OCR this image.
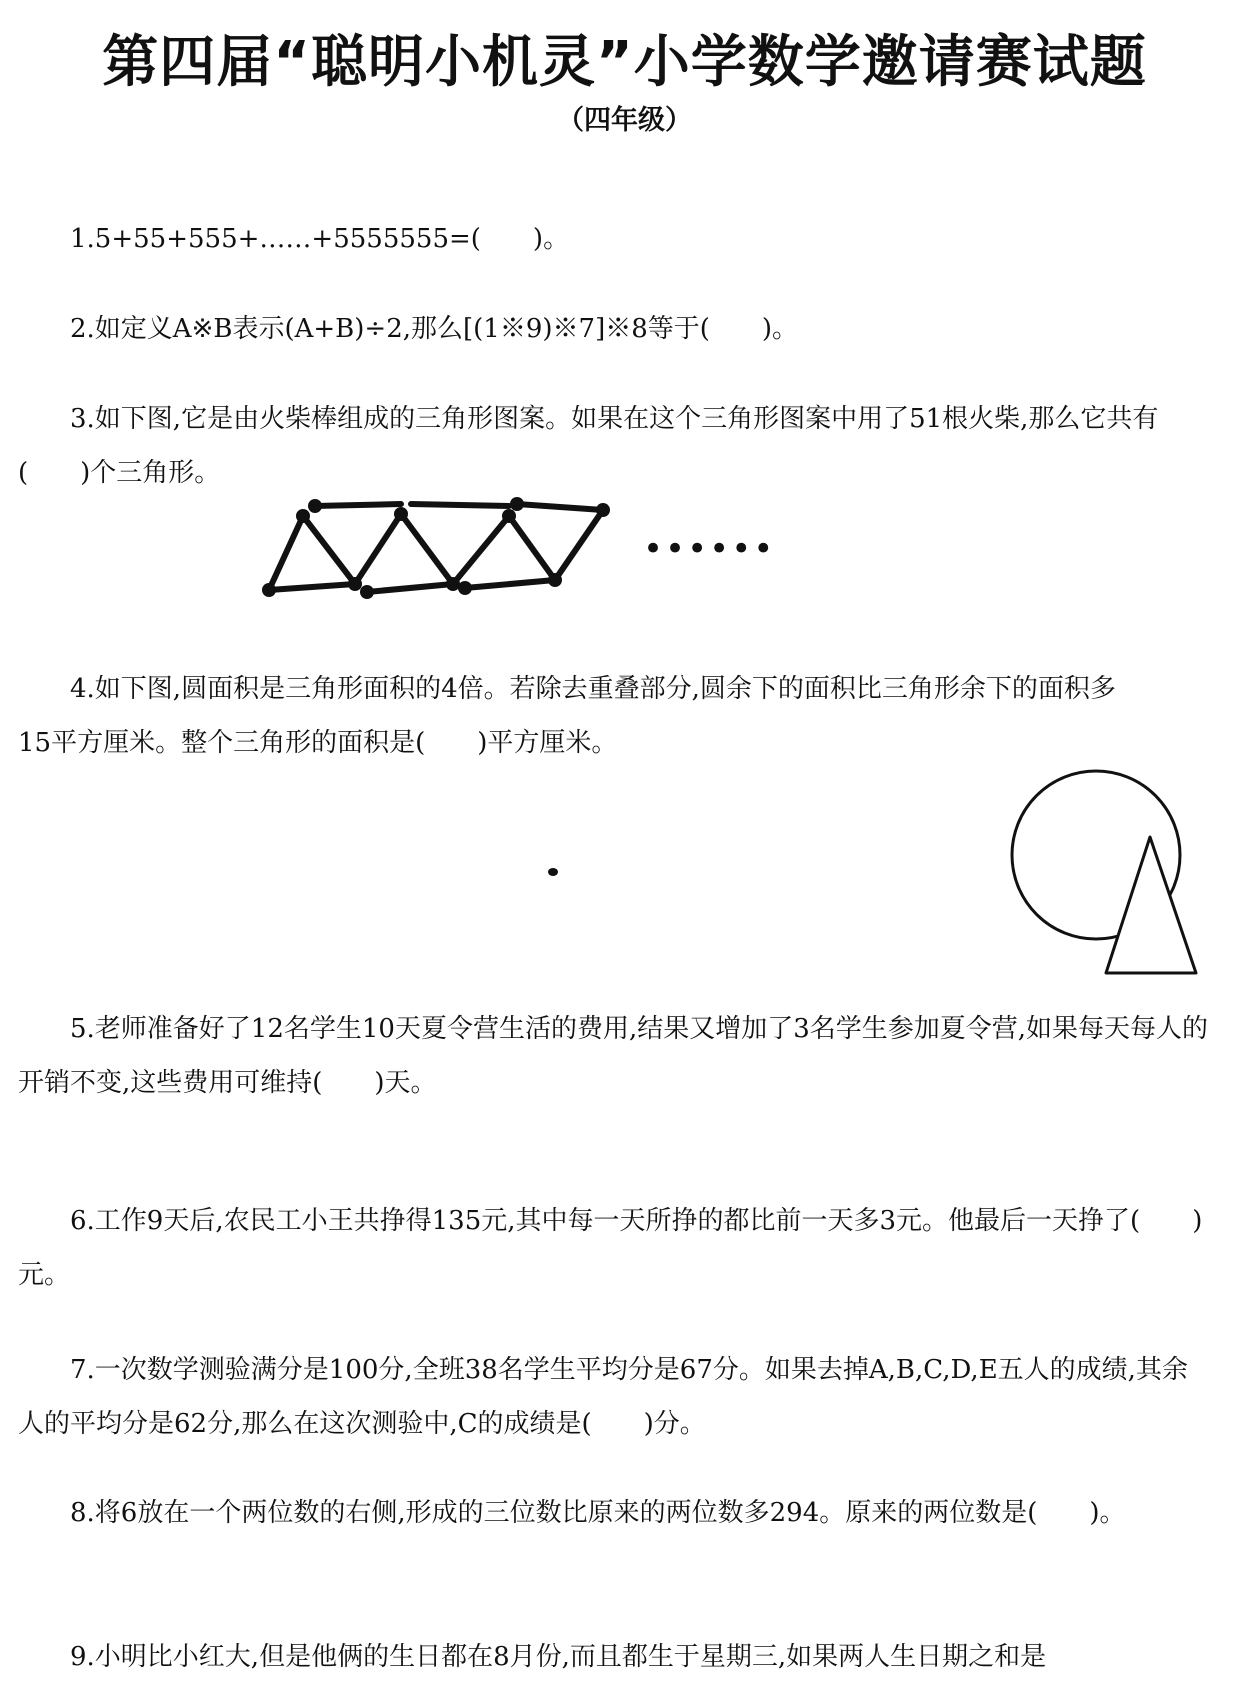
第四届“聪明小机灵”小学数学邀请赛试题
（四年级）

1.5+55+555+……+5555555=(　　)。

2.如定义A※B表示(A+B)÷2,那么[(1※9)※7]※8等于(　　)。

3.如下图,它是由火柴棒组成的三角形图案。如果在这个三角形图案中用了51根火柴,那么它共有(　　)个三角形。

••••••

4.如下图,圆面积是三角形面积的4倍。若除去重叠部分,圆余下的面积比三角形余下的面积多15平方厘米。整个三角形的面积是(　　)平方厘米。

5.老师准备好了12名学生10天夏令营生活的费用,结果又增加了3名学生参加夏令营,如果每天每人的开销不变,这些费用可维持(　　)天。

6.工作9天后,农民工小王共挣得135元,其中每一天所挣的都比前一天多3元。他最后一天挣了(　　)元。

7.一次数学测验满分是100分,全班38名学生平均分是67分。如果去掉A,B,C,D,E五人的成绩,其余人的平均分是62分,那么在这次测验中,C的成绩是(　　)分。

8.将6放在一个两位数的右侧,形成的三位数比原来的两位数多294。原来的两位数是(　　)。

9.小明比小红大,但是他俩的生日都在8月份,而且都生于星期三,如果两人生日期之和是
